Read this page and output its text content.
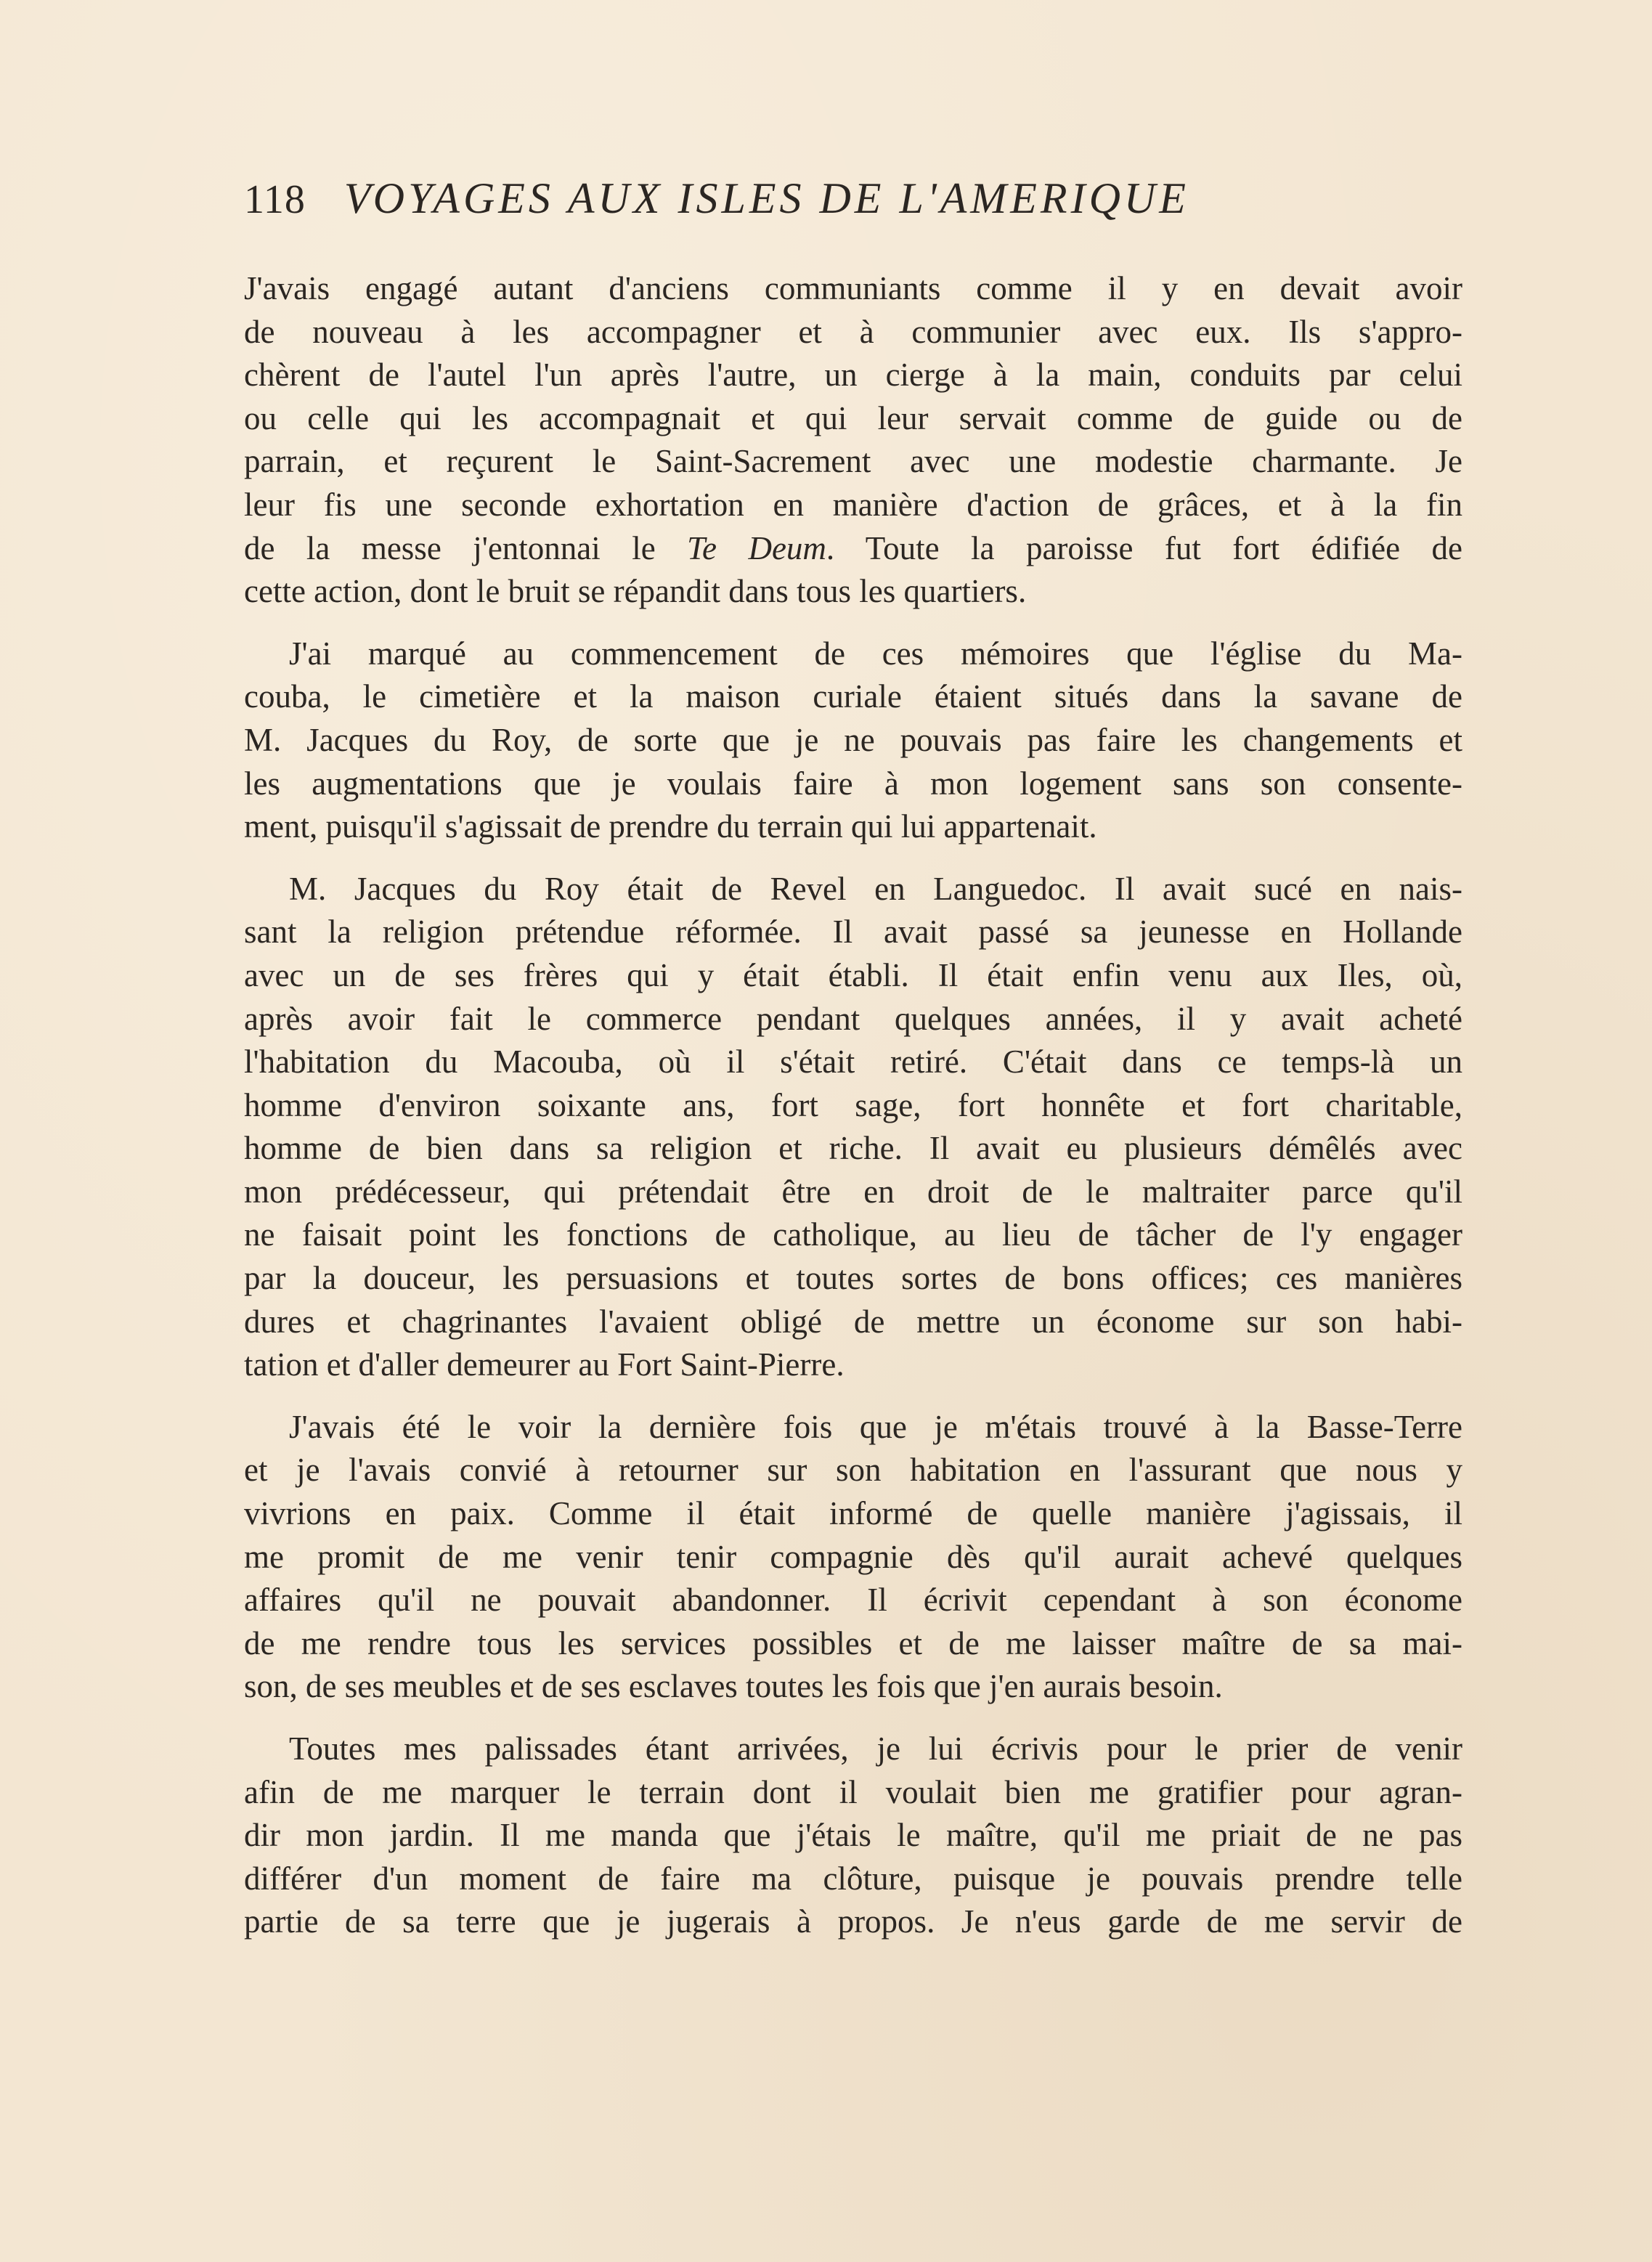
118 VOYAGES AUX ISLES DE L'AMERIQUE

J'avais engagé autant d'anciens communiants comme il y en devait avoir
de nouveau à les accompagner et à communier avec eux. Ils s'appro-
chèrent de l'autel l'un après l'autre, un cierge à la main, conduits par celui
ou celle qui les accompagnait et qui leur servait comme de guide ou de
parrain, et reçurent le Saint-Sacrement avec une modestie charmante. Je
leur fis une seconde exhortation en manière d'action de grâces, et à la fin
de la messe j'entonnai le Te Deum. Toute la paroisse fut fort édifiée de
cette action, dont le bruit se répandit dans tous les quartiers.

J'ai marqué au commencement de ces mémoires que l'église du Ma-
couba, le cimetière et la maison curiale étaient situés dans la savane de
M. Jacques du Roy, de sorte que je ne pouvais pas faire les changements et
les augmentations que je voulais faire à mon logement sans son consente-
ment, puisqu'il s'agissait de prendre du terrain qui lui appartenait.

M. Jacques du Roy était de Revel en Languedoc. Il avait sucé en nais-
sant la religion prétendue réformée. Il avait passé sa jeunesse en Hollande
avec un de ses frères qui y était établi. Il était enfin venu aux Iles, où,
après avoir fait le commerce pendant quelques années, il y avait acheté
l'habitation du Macouba, où il s'était retiré. C'était dans ce temps-là un
homme d'environ soixante ans, fort sage, fort honnête et fort charitable,
homme de bien dans sa religion et riche. Il avait eu plusieurs démêlés avec
mon prédécesseur, qui prétendait être en droit de le maltraiter parce qu'il
ne faisait point les fonctions de catholique, au lieu de tâcher de l'y engager
par la douceur, les persuasions et toutes sortes de bons offices; ces manières
dures et chagrinantes l'avaient obligé de mettre un économe sur son habi-
tation et d'aller demeurer au Fort Saint-Pierre.

J'avais été le voir la dernière fois que je m'étais trouvé à la Basse-Terre
et je l'avais convié à retourner sur son habitation en l'assurant que nous y
vivrions en paix. Comme il était informé de quelle manière j'agissais, il
me promit de me venir tenir compagnie dès qu'il aurait achevé quelques
affaires qu'il ne pouvait abandonner. Il écrivit cependant à son économe
de me rendre tous les services possibles et de me laisser maître de sa mai-
son, de ses meubles et de ses esclaves toutes les fois que j'en aurais besoin.

Toutes mes palissades étant arrivées, je lui écrivis pour le prier de venir
afin de me marquer le terrain dont il voulait bien me gratifier pour agran-
dir mon jardin. Il me manda que j'étais le maître, qu'il me priait de ne pas
différer d'un moment de faire ma clôture, puisque je pouvais prendre telle
partie de sa terre que je jugerais à propos. Je n'eus garde de me servir de
